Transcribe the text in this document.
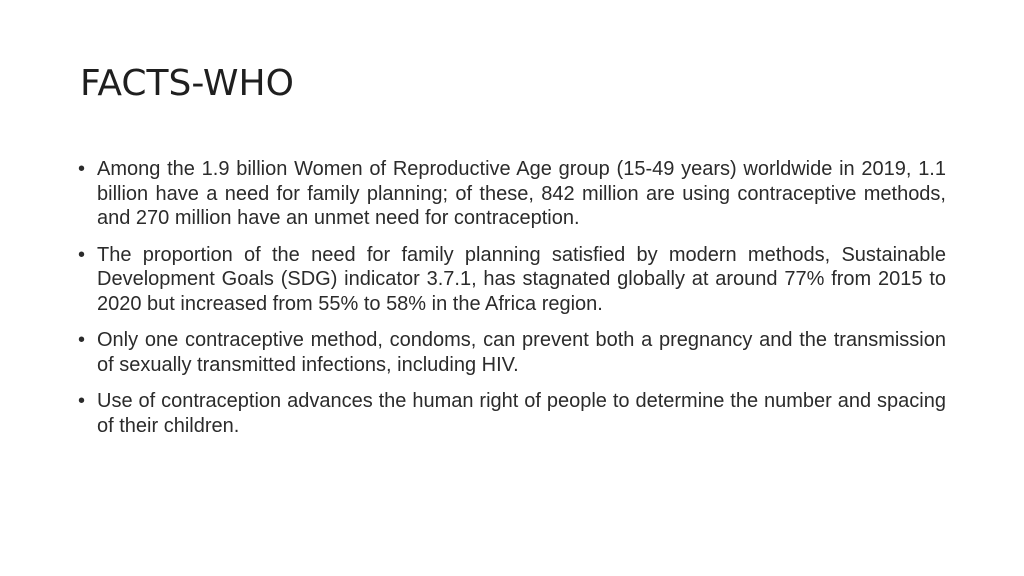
FACTS-WHO
• Among the 1.9 billion Women of Reproductive Age group (15-49 years) worldwide in 2019, 1.1 billion have a need for family planning; of these, 842 million are using contraceptive methods, and 270 million have an unmet need for contraception.
• The proportion of the need for family planning satisfied by modern methods, Sustainable Development Goals (SDG) indicator 3.7.1, has stagnated globally at around 77% from 2015 to 2020 but increased from 55% to 58% in the Africa region.
• Only one contraceptive method, condoms, can prevent both a pregnancy and the transmission of sexually transmitted infections, including HIV.
• Use of contraception advances the human right of people to determine the number and spacing of their children.
